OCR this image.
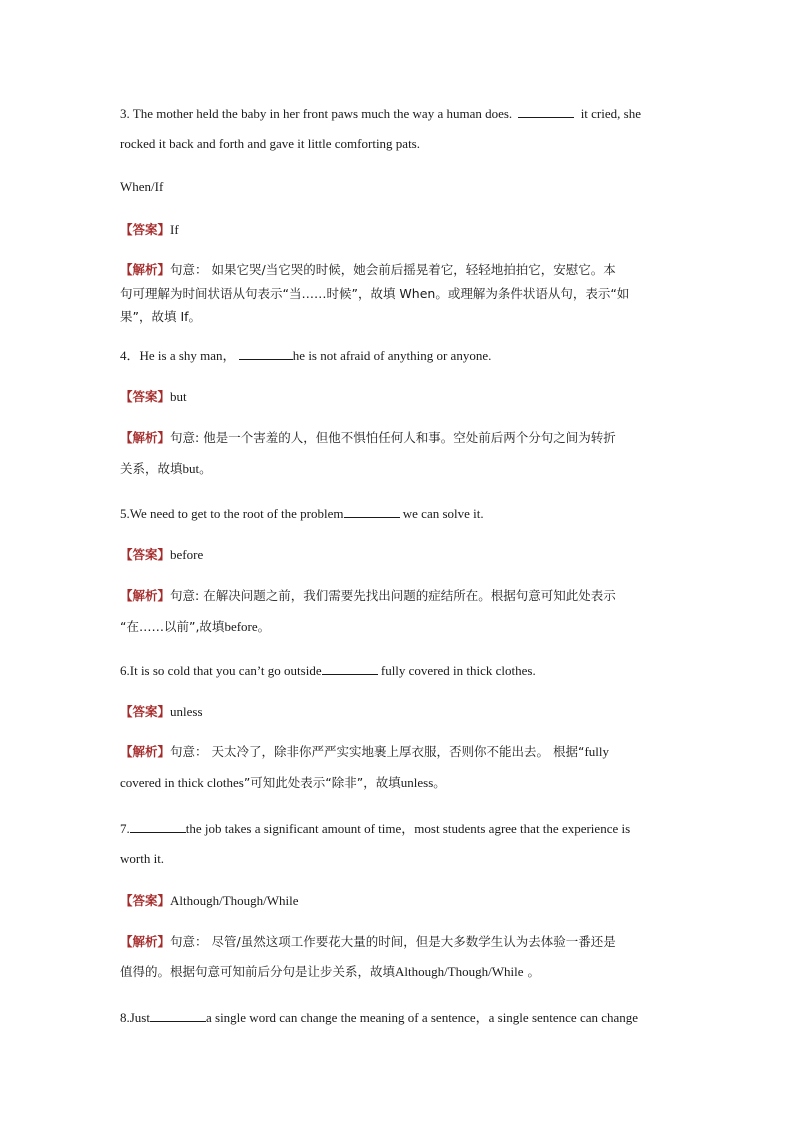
3. The mother held the baby in her front paws much the way a human does.	it cried, she
rocked it back and forth and gave it little comforting pats.
When/If
【答案】If
【解析】句意： 如果它哭/当它哭的时候，她会前后摇晃着它，轻轻地拍拍它，安慰它。本
句可理解为时间状语从句表示“当……时候”，故填 When。或理解为条件状语从句，表示“如
果”，故填 If。
4．He is a shy man，	he is not afraid of anything or anyone.
【答案】but
【解析】句意: 他是一个害羞的人，但他不惧怕任何人和事。空处前后两个分句之间为转折
关系，故填but。
5.We need to get to the root of the problem	we can solve it.
【答案】before
【解析】句意: 在解决问题之前，我们需要先找出问题的症结所在。根据句意可知此处表示
“在……以前”,故填before。
6.It is so cold that you can’t go outside	fully covered in thick clothes.
【答案】unless
【解析】句意： 天太冷了，除非你严严实实地裹上厚衣服，否则你不能出去。 根据“fully
covered in thick clothes”可知此处表示“除非”，故填unless。
7.	the job takes a significant amount of time，most students agree that the experience is
worth it.
【答案】Although/Though/While
【解析】句意： 尽管/虽然这项工作要花大量的时间，但是大多数学生认为去体验一番还是
值得的。根据句意可知前后分句是让步关系，故填Although/Though/While 。
8.Just	a single word can change the meaning of a sentence，a single sentence can change
